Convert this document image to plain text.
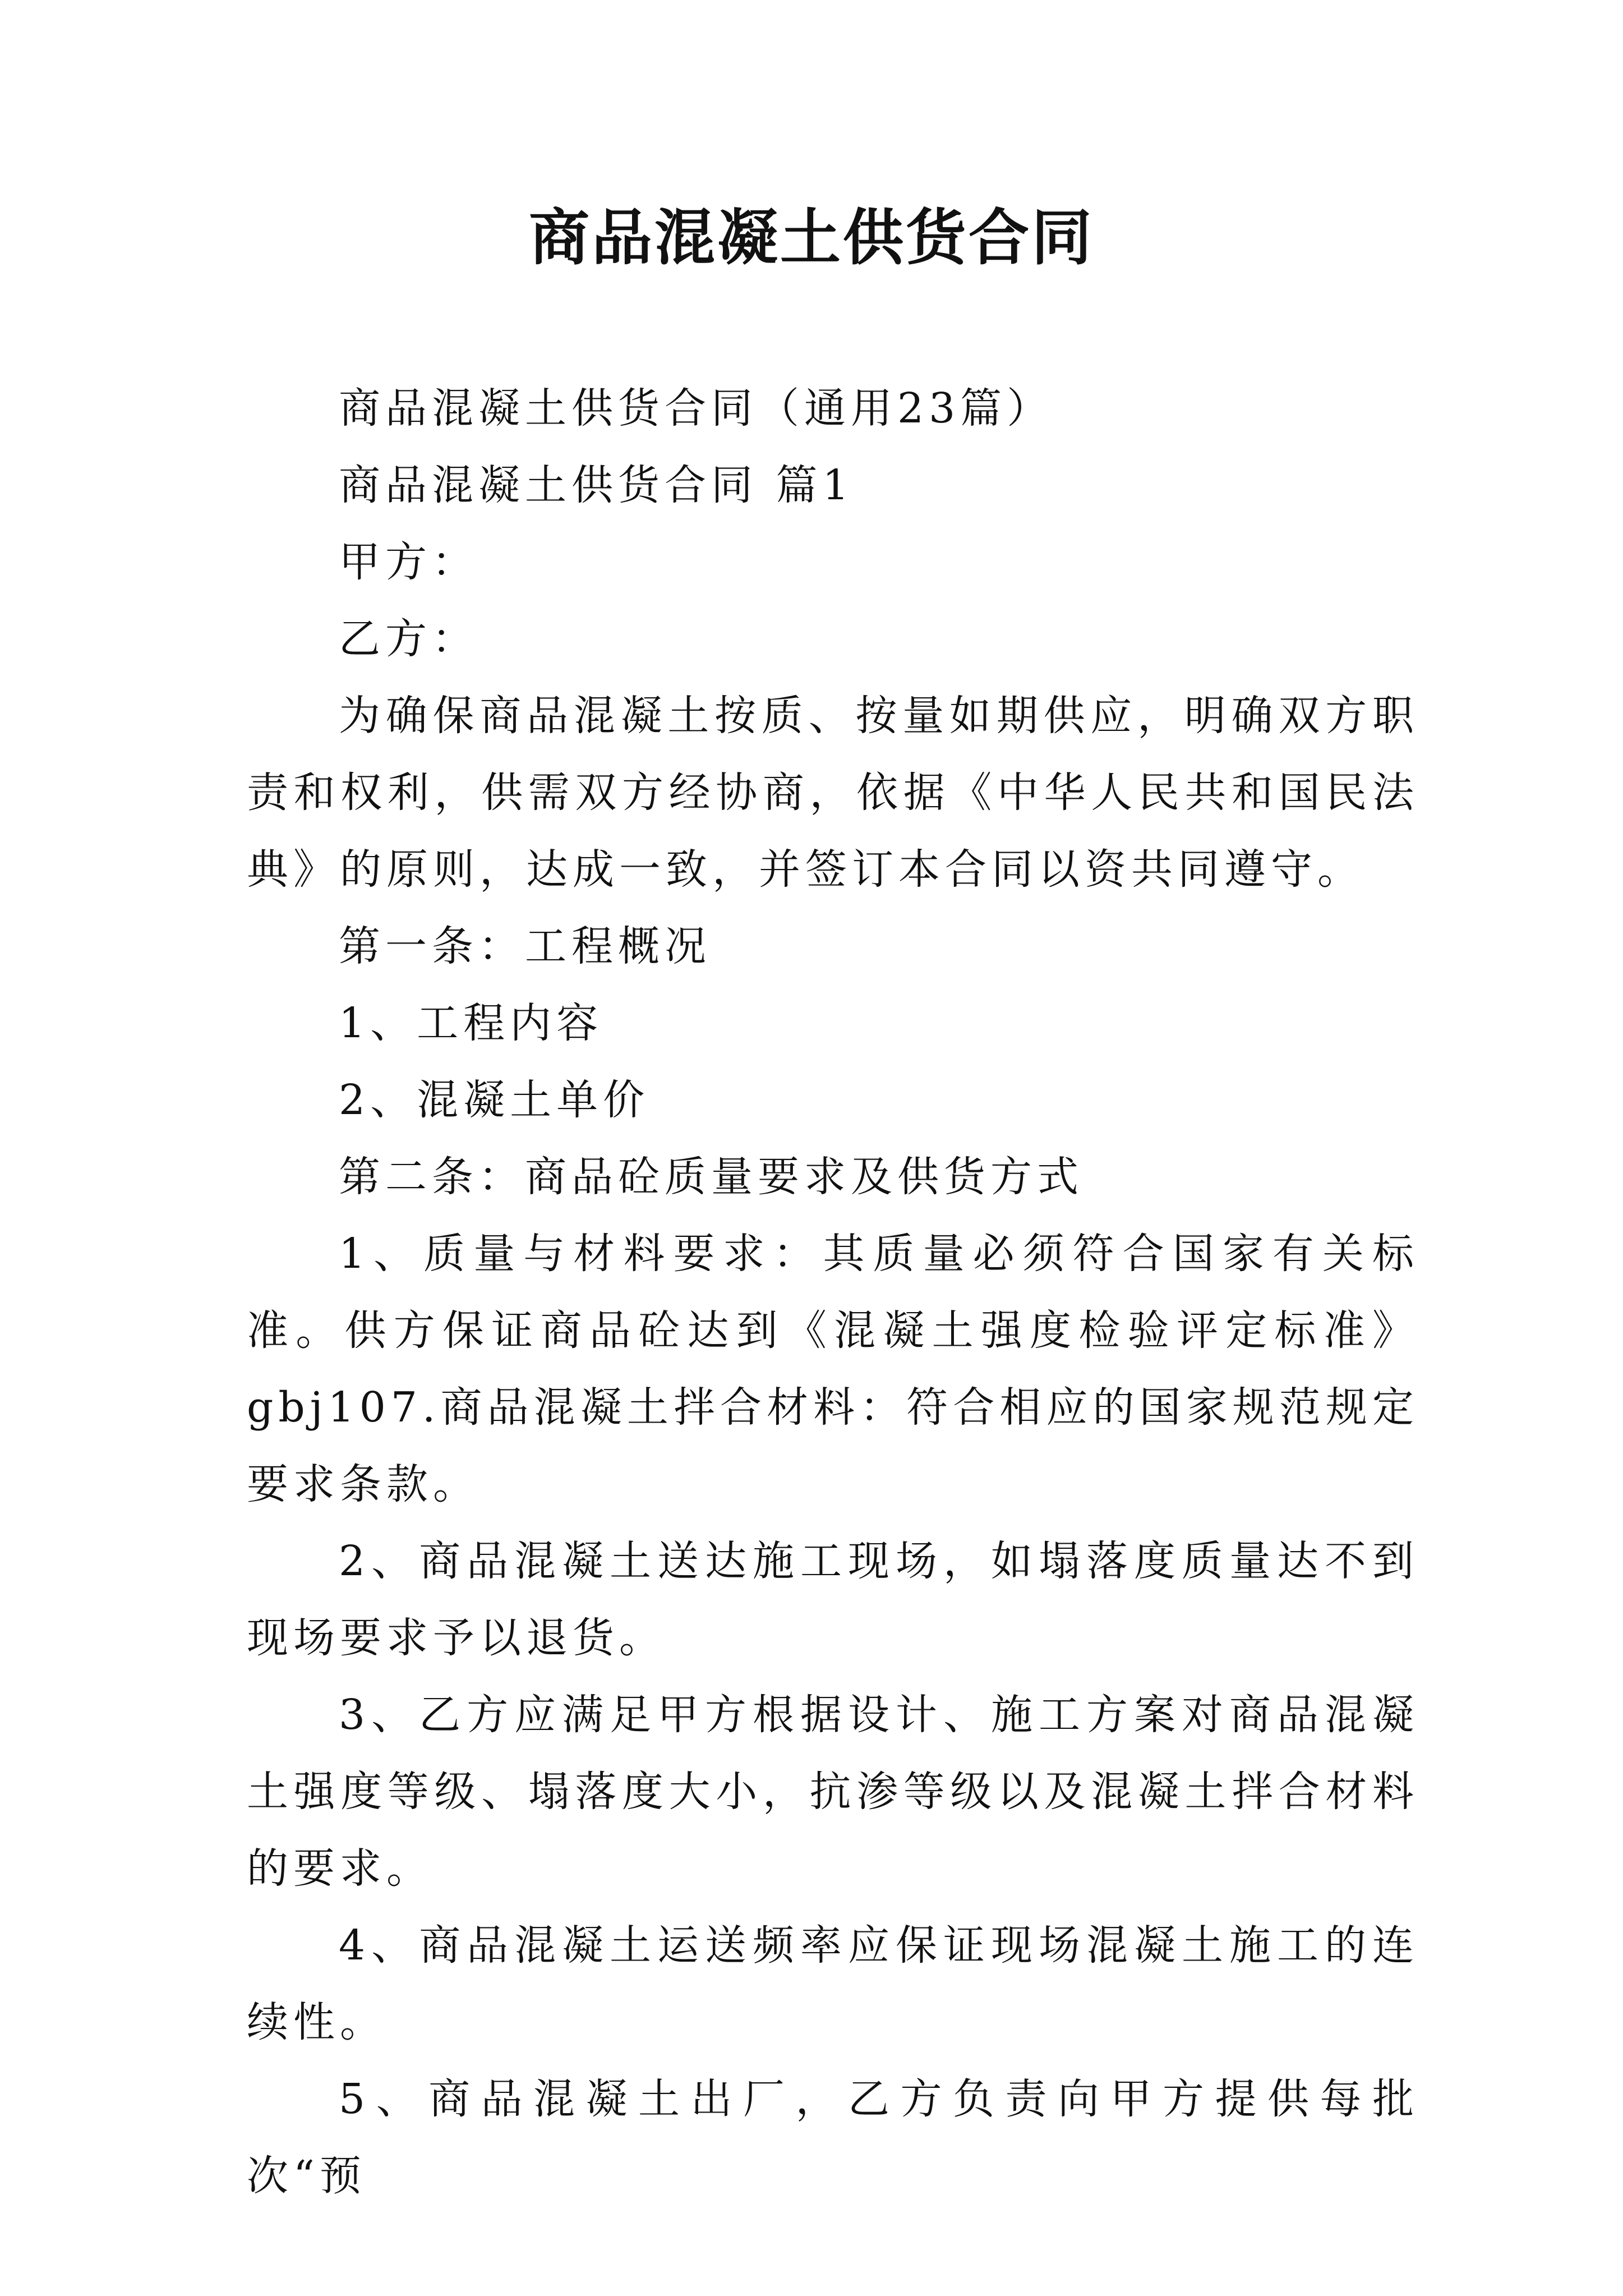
商品混凝土供货合同

商品混凝土供货合同（通用23篇）

商品混凝土供货合同 篇1

甲方：

乙方：

为确保商品混凝土按质、按量如期供应，明确双方职责和权利，供需双方经协商，依据《中华人民共和国民法典》的原则，达成一致，并签订本合同以资共同遵守。

第一条：工程概况

1、工程内容

2、混凝土单价

第二条：商品砼质量要求及供货方式

1、质量与材料要求：其质量必须符合国家有关标准。供方保证商品砼达到《混凝土强度检验评定标准》gbj107.商品混凝土拌合材料：符合相应的国家规范规定要求条款。

2、商品混凝土送达施工现场，如塌落度质量达不到现场要求予以退货。

3、乙方应满足甲方根据设计、施工方案对商品混凝土强度等级、塌落度大小，抗渗等级以及混凝土拌合材料的要求。

4、商品混凝土运送频率应保证现场混凝土施工的连续性。

5、商品混凝土出厂，乙方负责向甲方提供每批次“预
